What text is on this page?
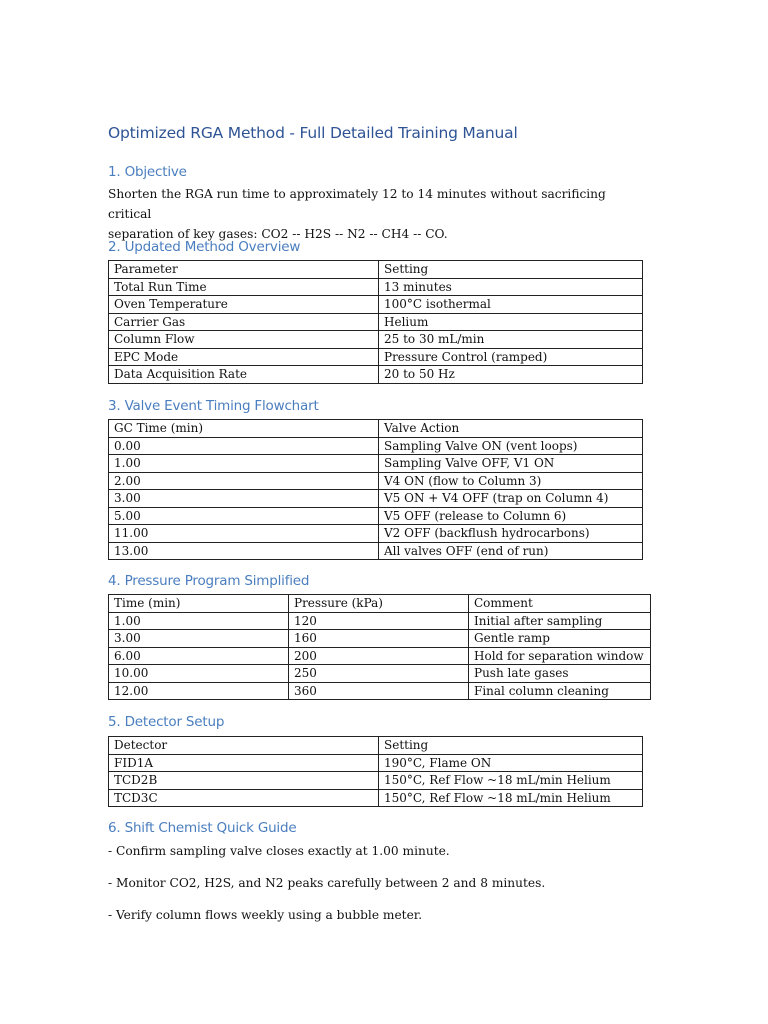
Optimized RGA Method - Full Detailed Training Manual
1. Objective

Shorten the RGA run time to approximately 12 to 14 minutes without sacrificing critical
separation of key gases: CO2 -- H2S -- N2 -- CH4 -- CO.

2. Updated Method Overview
Parameter	Setting
Total Run Time	13 minutes
Oven Temperature	100°C isothermal
Carrier Gas	Helium
Column Flow	25 to 30 mL/min
EPC Mode	Pressure Control (ramped)
Data Acquisition Rate	20 to 50 Hz
3. Valve Event Timing Flowchart
GC Time (min)	Valve Action
0.00	Sampling Valve ON (vent loops)
1.00	Sampling Valve OFF, V1 ON
2.00	V4 ON (flow to Column 3)
3.00	V5 ON + V4 OFF (trap on Column 4)
5.00	V5 OFF (release to Column 6)
11.00	V2 OFF (backflush hydrocarbons)
13.00	All valves OFF (end of run)
4. Pressure Program Simplified
Time (min)	Pressure (kPa)	Comment
1.00	120	Initial after sampling
3.00	160	Gentle ramp
6.00	200	Hold for separation window
10.00	250	Push late gases
12.00	360	Final column cleaning
5. Detector Setup
Detector	Setting
FID1A	190°C, Flame ON
TCD2B	150°C, Ref Flow ~18 mL/min Helium
TCD3C	150°C, Ref Flow ~18 mL/min Helium
6. Shift Chemist Quick Guide

- Confirm sampling valve closes exactly at 1.00 minute.

- Monitor CO2, H2S, and N2 peaks carefully between 2 and 8 minutes.

- Verify column flows weekly using a bubble meter.
